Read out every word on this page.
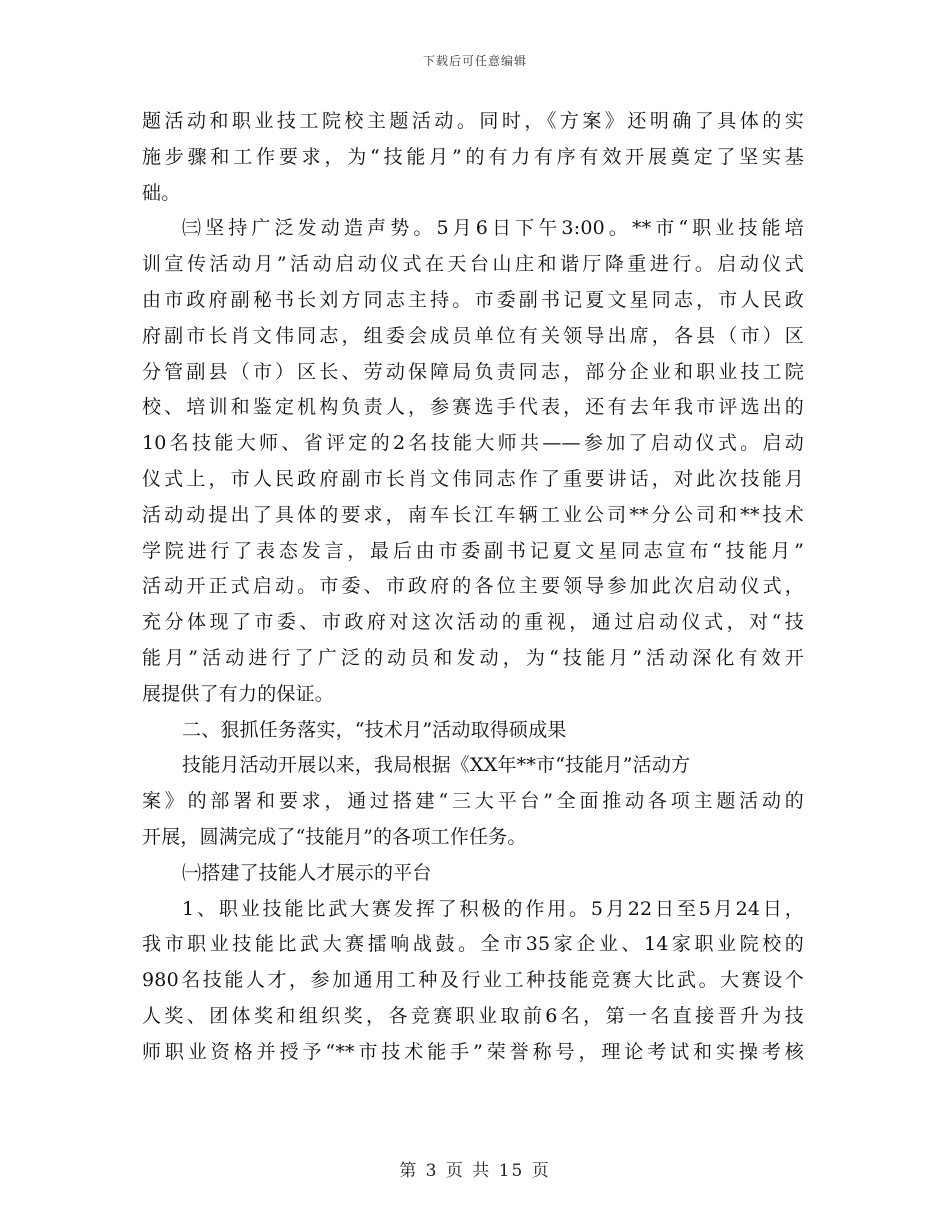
下载后可任意编辑
题活动和职业技工院校主题活动。同时，《方案》还明确了具体的实
施步骤和工作要求，为“技能月”的有力有序有效开展奠定了坚实基
础。
㈢坚持广泛发动造声势。5月6日下午3:00。**市“职业技能培
训宣传活动月”活动启动仪式在天台山庄和谐厅降重进行。启动仪式
由市政府副秘书长刘方同志主持。市委副书记夏文星同志，市人民政
府副市长肖文伟同志，组委会成员单位有关领导出席，各县（市）区
分管副县（市）区长、劳动保障局负责同志，部分企业和职业技工院
校、培训和鉴定机构负责人，参赛选手代表，还有去年我市评选出的
10名技能大师、省评定的2名技能大师共——参加了启动仪式。启动
仪式上，市人民政府副市长肖文伟同志作了重要讲话，对此次技能月
活动动提出了具体的要求，南车长江车辆工业公司**分公司和**技术
学院进行了表态发言，最后由市委副书记夏文星同志宣布“技能月”
活动开正式启动。市委、市政府的各位主要领导参加此次启动仪式，
充分体现了市委、市政府对这次活动的重视，通过启动仪式，对“技
能月”活动进行了广泛的动员和发动，为“技能月”活动深化有效开
展提供了有力的保证。
二、狠抓任务落实，“技术月”活动取得硕成果
技能月活动开展以来，我局根据《XX年**市“技能月”活动方
案》的部署和要求，通过搭建“三大平台”全面推动各项主题活动的
开展，圆满完成了“技能月”的各项工作任务。
㈠搭建了技能人才展示的平台
1、职业技能比武大赛发挥了积极的作用。5月22日至5月24日，
我市职业技能比武大赛擂响战鼓。全市35家企业、14家职业院校的
980名技能人才，参加通用工种及行业工种技能竞赛大比武。大赛设个
人奖、团体奖和组织奖，各竞赛职业取前6名，第一名直接晋升为技
师职业资格并授予“**市技术能手”荣誉称号，理论考试和实操考核
第 3 页 共 15 页
